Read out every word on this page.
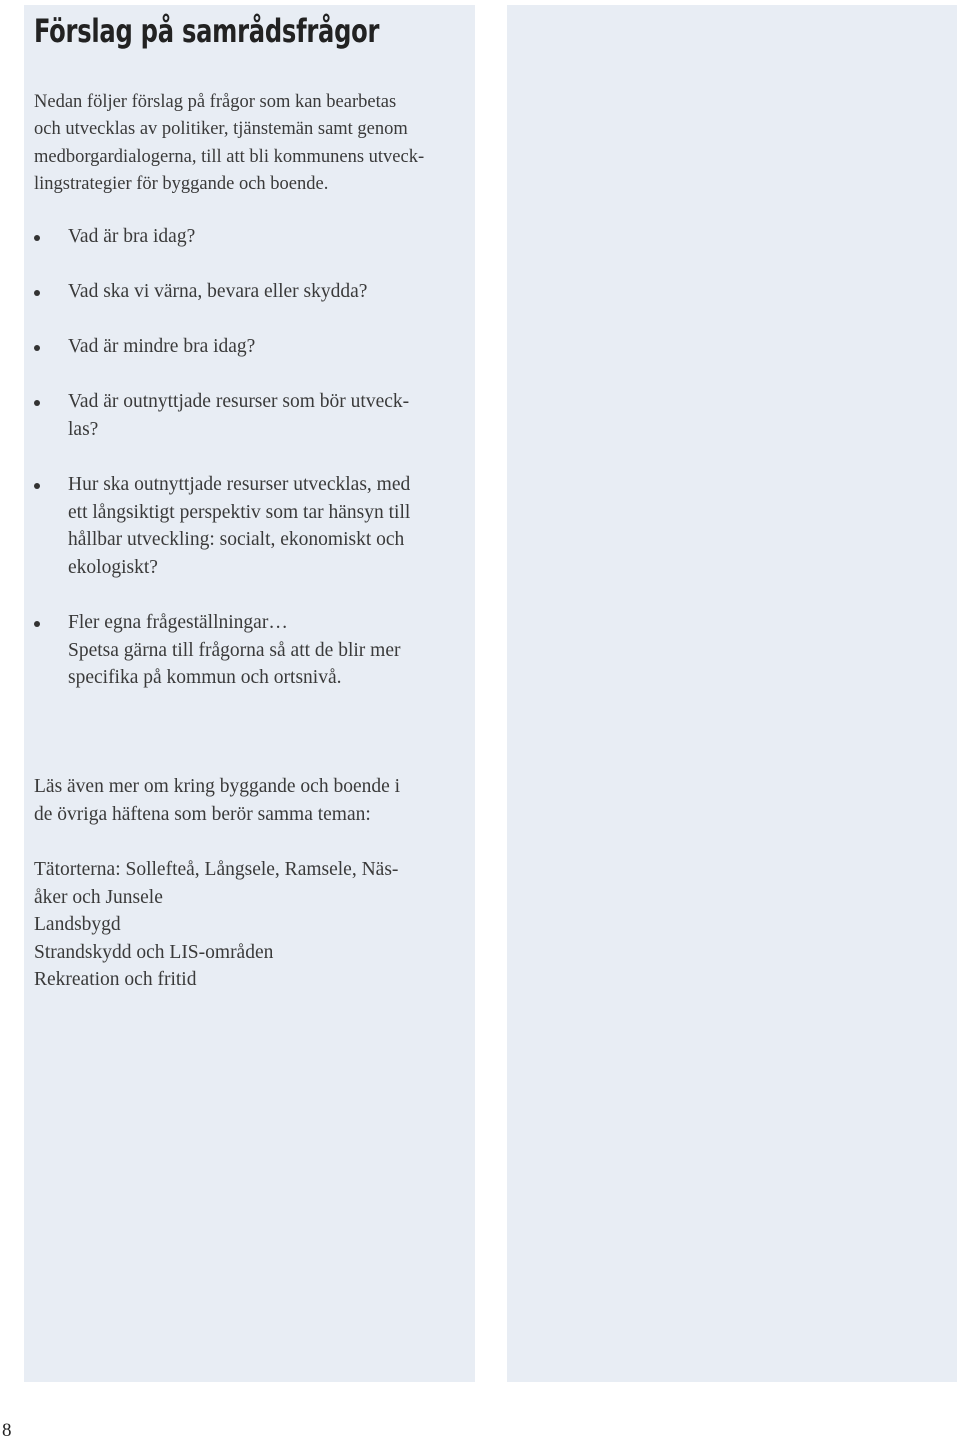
Förslag på samrådsfrågor

Nedan följer förslag på frågor som kan bearbetas
och utvecklas av politiker, tjänstemän samt genom
medborgardialogerna, till att bli kommunens utveck-
lingstrategier för byggande och boende.

Vad är bra idag?
Vad ska vi värna, bevara eller skydda?
Vad är mindre bra idag?
Vad är outnyttjade resurser som bör utveck-
las?
Hur ska outnyttjade resurser utvecklas, med
ett långsiktigt perspektiv som tar hänsyn till
hållbar utveckling: socialt, ekonomiskt och
ekologiskt?
Fler egna frågeställningar…
Spetsa gärna till frågorna så att de blir mer
specifika på kommun och ortsnivå.

Läs även mer om kring byggande och boende i
de övriga häftena som berör samma teman:

Tätorterna: Sollefteå, Långsele, Ramsele, Näs-
åker och Junsele
Landsbygd
Strandskydd och LIS-områden
Rekreation och fritid

8
